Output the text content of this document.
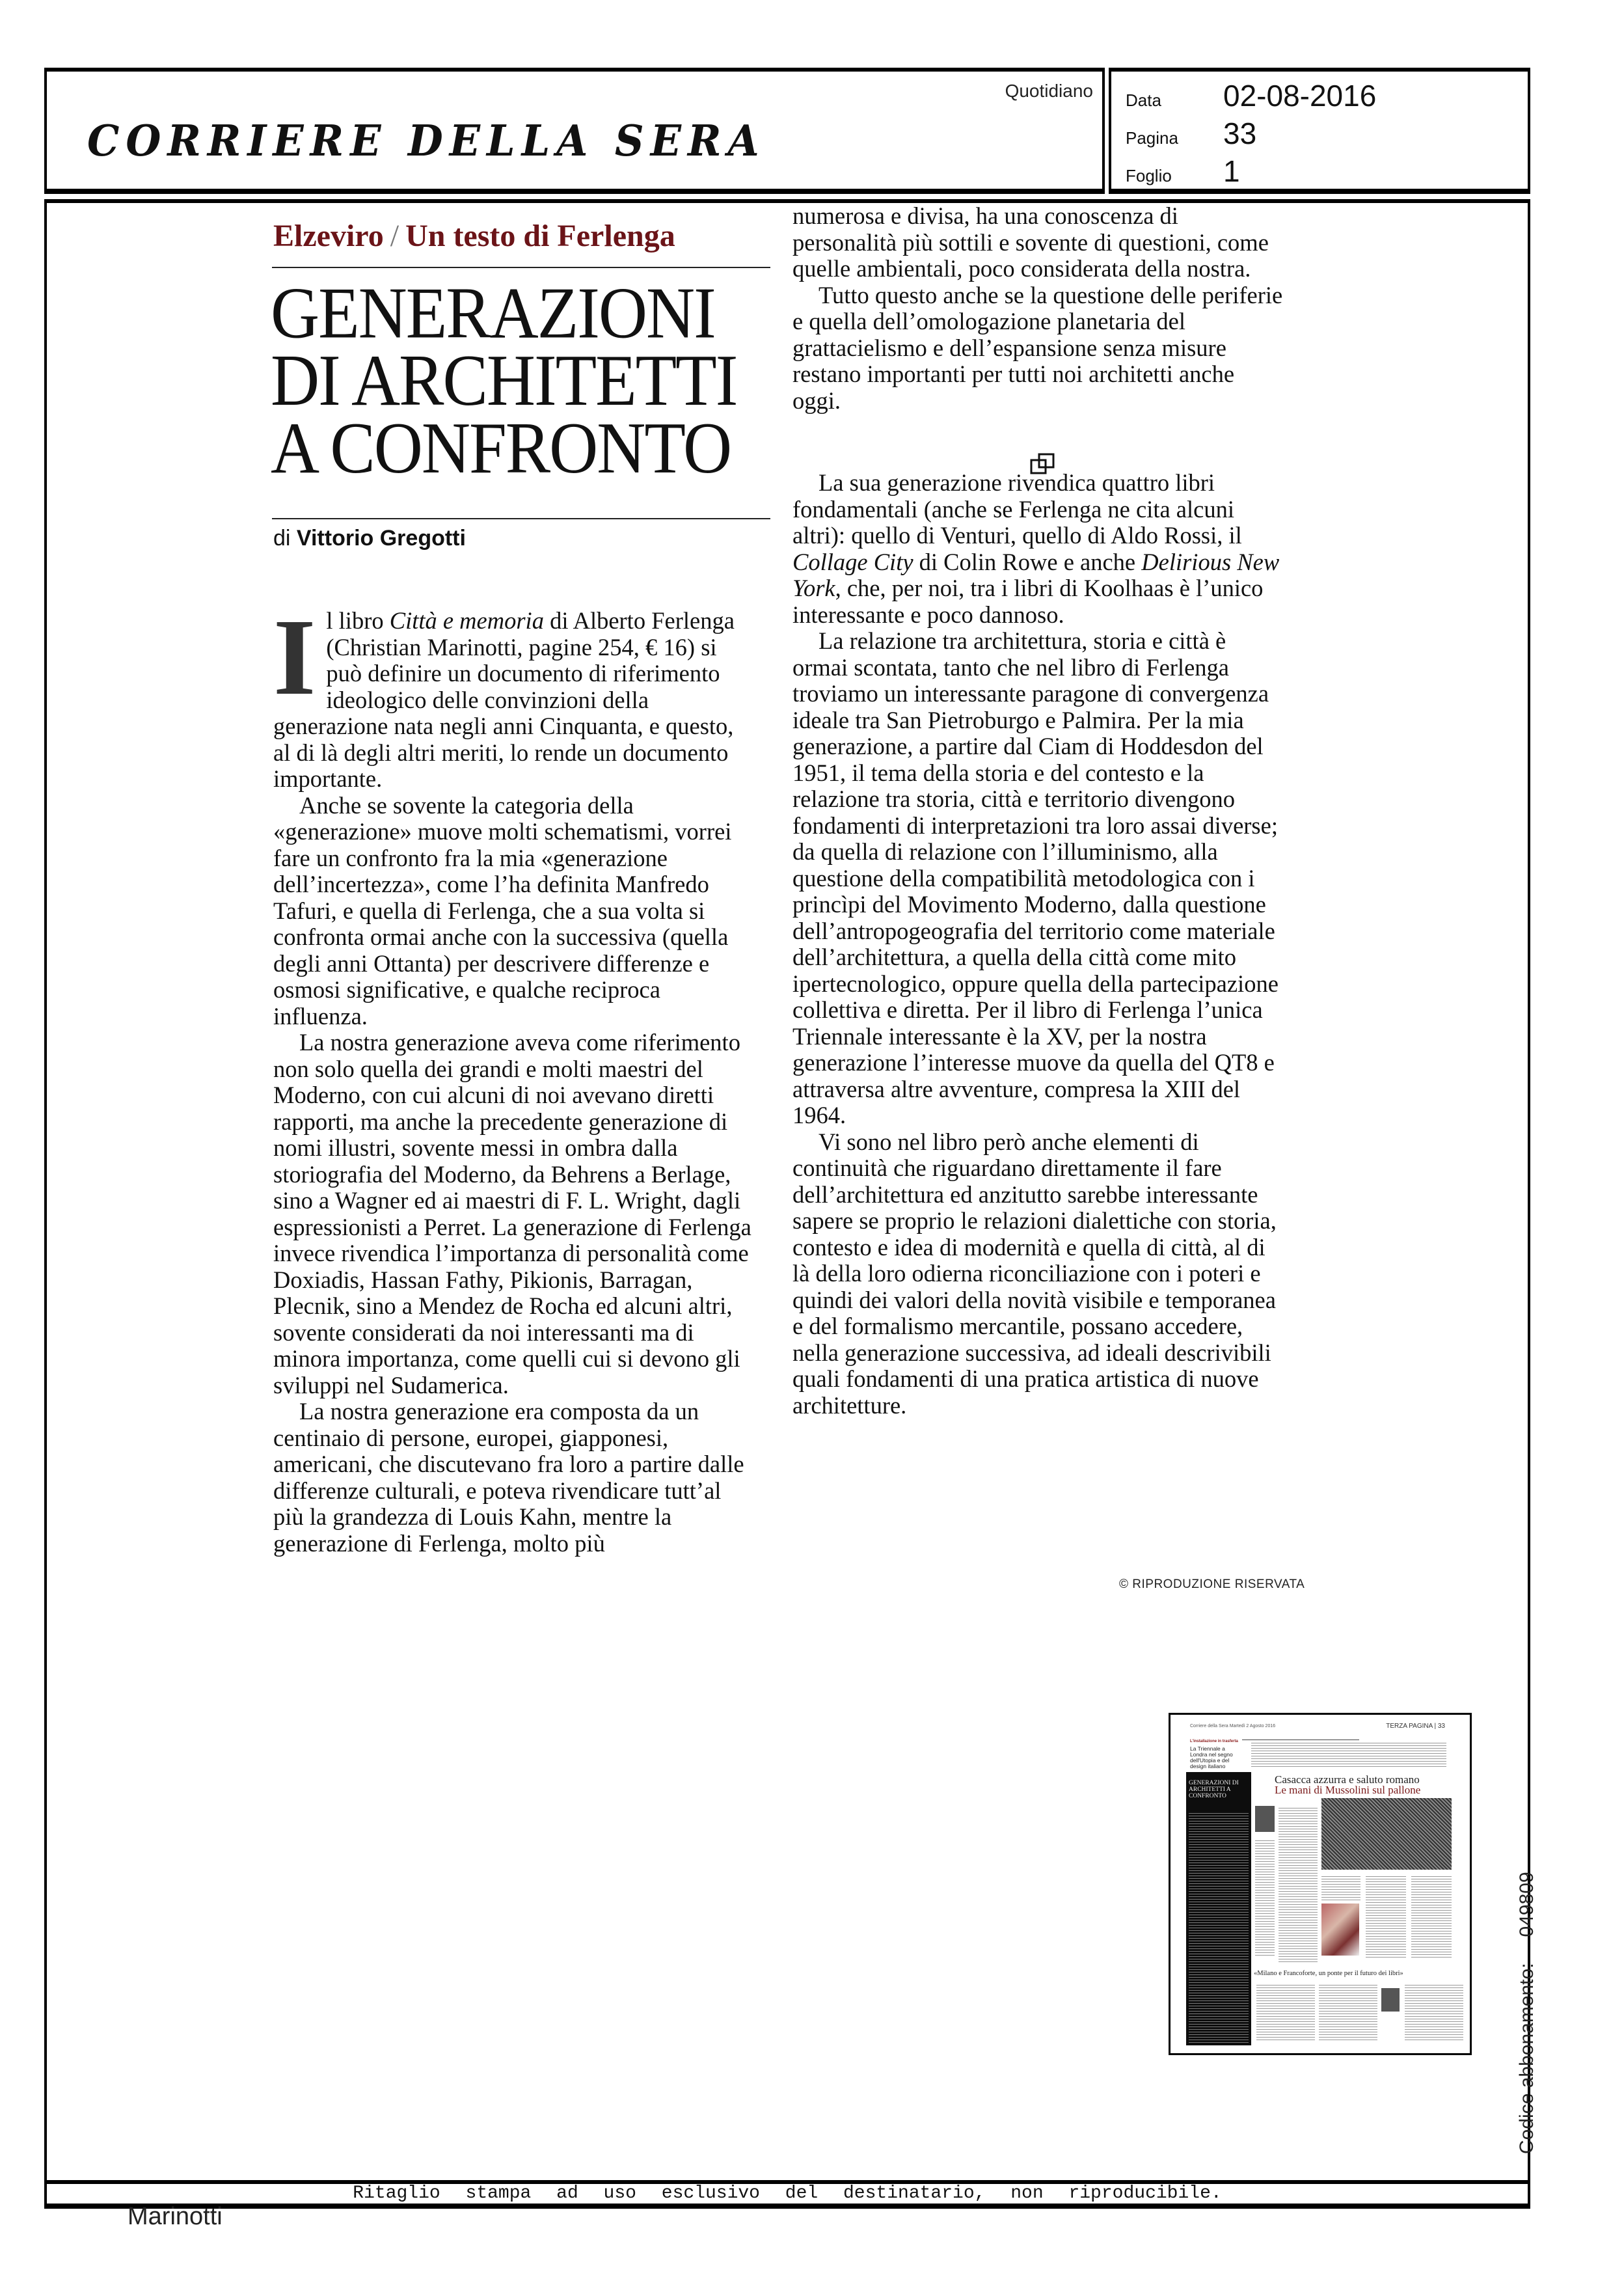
CORRIERE DELLA SERA
Quotidiano Data	02-08-2016
Pagina	33
Foglio	1
Elzeviro / Un testo di Ferlenga
GENERAZIONI
DI ARCHITETTI
A CONFRONTO
di Vittorio Gregotti

Il libro Città e memoria di Alberto Ferlenga (Christian Marinotti, pagine 254, € 16) si può definire un documento di riferimento ideologico delle convinzioni della generazione nata negli anni Cinquanta, e questo, al di là degli altri meriti, lo rende un documento importante.

Anche se sovente la categoria della «generazione» muove molti schematismi, vorrei fare un confronto fra la mia «generazione dell’incertezza», come l’ha definita Manfredo Tafuri, e quella di Ferlenga, che a sua volta si confronta ormai anche con la successiva (quella degli anni Ottanta) per descrivere differenze e osmosi significative, e qualche reciproca influenza.

La nostra generazione aveva come riferimento non solo quella dei grandi e molti maestri del Moderno, con cui alcuni di noi avevano diretti rapporti, ma anche la precedente generazione di nomi illustri, sovente messi in ombra dalla storiografia del Moderno, da Behrens a Berlage, sino a Wagner ed ai maestri di F. L. Wright, dagli espressionisti a Perret. La generazione di Ferlenga invece rivendica l’importanza di personalità come Doxiadis, Hassan Fathy, Pikionis, Barragan, Plecnik, sino a Mendez de Rocha ed alcuni altri, sovente considerati da noi interessanti ma di minora importanza, come quelli cui si devono gli sviluppi nel Sudamerica.

La nostra generazione era composta da un centinaio di persone, europei, giapponesi, americani, che discutevano fra loro a partire dalle differenze culturali, e poteva rivendicare tutt’al più la grandezza di Louis Kahn, mentre la generazione di Ferlenga, molto più

numerosa e divisa, ha una conoscenza di personalità più sottili e sovente di questioni, come quelle ambientali, poco considerata della nostra.

Tutto questo anche se la questione delle periferie e quella dell’omologazione planetaria del grattacielismo e dell’espansione senza misure restano importanti per tutti noi architetti anche oggi.

La sua generazione rivendica quattro libri fondamentali (anche se Ferlenga ne cita alcuni altri): quello di Venturi, quello di Aldo Rossi, il Collage City di Colin Rowe e anche Delirious New York, che, per noi, tra i libri di Koolhaas è l’unico interessante e poco dannoso.

La relazione tra architettura, storia e città è ormai scontata, tanto che nel libro di Ferlenga troviamo un interessante paragone di convergenza ideale tra San Pietroburgo e Palmira. Per la mia generazione, a partire dal Ciam di Hoddesdon del 1951, il tema della storia e del contesto e la relazione tra storia, città e territorio divengono fondamenti di interpretazioni tra loro assai diverse; da quella di relazione con l’illuminismo, alla questione della compatibilità metodologica con i princìpi del Movimento Moderno, dalla questione dell’antropogeografia del territorio come materiale dell’architettura, a quella della città come mito ipertecnologico, oppure quella della partecipazione collettiva e diretta. Per il libro di Ferlenga l’unica Triennale interessante è la XV, per la nostra generazione l’interesse muove da quella del QT8 e attraversa altre avventure, compresa la XIII del 1964.

Vi sono nel libro però anche elementi di continuità che riguardano direttamente il fare dell’architettura ed anzitutto sarebbe interessante sapere se proprio le relazioni dialettiche con storia, contesto e idea di modernità e quella di città, al di là della loro odierna riconciliazione con i poteri e quindi dei valori della novità visibile e temporanea e del formalismo mercantile, possano accedere, nella generazione successiva, ad ideali descrivibili quali fondamenti di una pratica artistica di nuove architetture.

© RIPRODUZIONE RISERVATA
Corriere della Sera Martedì 2 Agosto 2016	TERZA PAGINA | 33
L'installazione in trasferta
La Triennale a Londra nel segno dell'Utopia e del design italiano
GENERAZIONI DI ARCHITETTI A CONFRONTO
Casacca azzurra e saluto romano
Le mani di Mussolini sul pallone
«Milano e Francoforte, un ponte per il futuro dei libri»
Ritaglio stampa ad uso esclusivo del destinatario, non riproducibile.
Marinotti
Codice abbonamento:049809
